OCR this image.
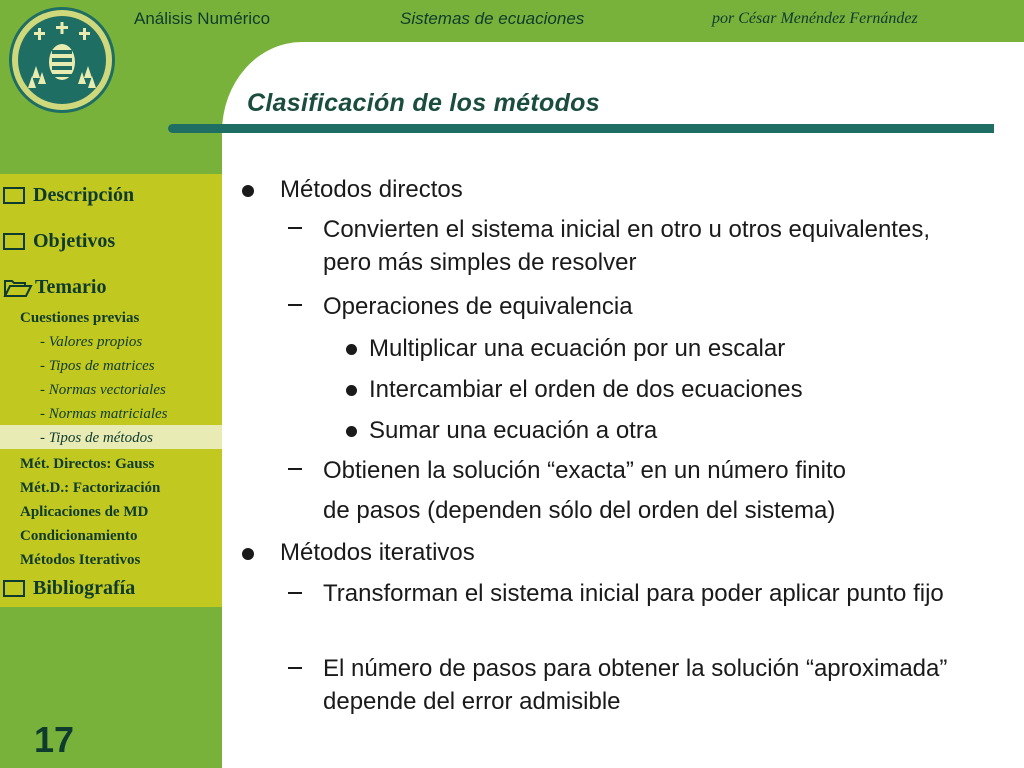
Análisis Numérico	Sistemas de ecuaciones	por César Menéndez Fernández
Clasificación de los métodos
Descripción
Objetivos
Temario
Cuestiones previas
- Valores propios
- Tipos de matrices
- Normas vectoriales
- Normas matriciales
- Tipos de métodos
Mét. Directos: Gauss
Mét.D.: Factorización
Aplicaciones de MD
Condicionamiento
Métodos Iterativos
Bibliografía
17
Métodos directos
Convierten el sistema inicial en otro u otros equivalentes, pero más simples de resolver
Operaciones de equivalencia
Multiplicar una ecuación por un escalar
Intercambiar el orden de dos ecuaciones
Sumar una ecuación a otra
Obtienen la solución “exacta” en un número finito
de pasos (dependen sólo del orden del sistema)
Métodos iterativos
Transforman el sistema inicial para poder aplicar punto fijo
El número de pasos para obtener la solución “aproximada” depende del error admisible
